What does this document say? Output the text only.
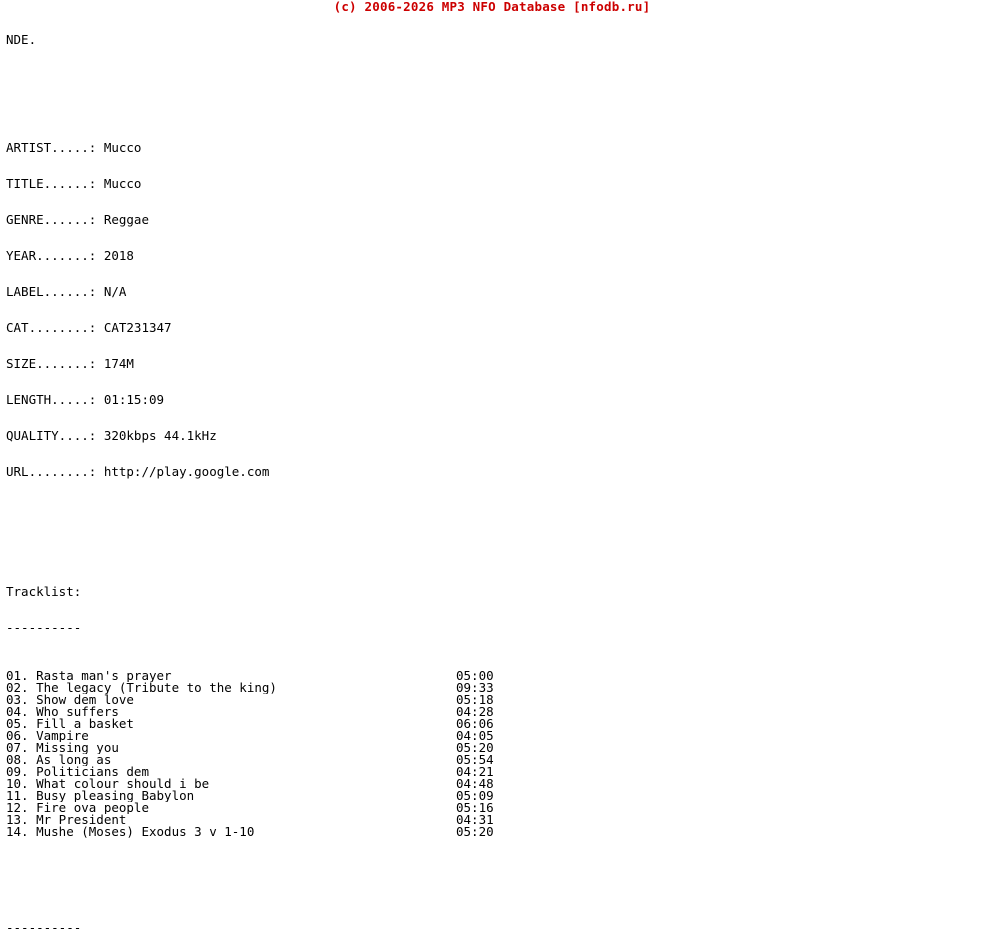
(c) 2006-2026 MP3 NFO Database [nfodb.ru]

NDE.

ARTIST.....: Mucco

TITLE......: Mucco

GENRE......: Reggae

YEAR.......: 2018

LABEL......: N/A

CAT........: CAT231347

SIZE.......: 174M

LENGTH.....: 01:15:09

QUALITY....: 320kbps 44.1kHz

URL........: http://play.google.com

Tracklist:

----------

01. Rasta man's prayer	05:00
02. The legacy (Tribute to the king)	09:33
03. Show dem love	05:18
04. Who suffers	04:28
05. Fill a basket	06:06
06. Vampire	04:05
07. Missing you	05:20
08. As long as	05:54
09. Politicians dem	04:21
10. What colour should i be	04:48
11. Busy pleasing Babylon	05:09
12. Fire ova people	05:16
13. Mr President	04:31
14. Mushe (Moses) Exodus 3 v 1-10	05:20

----------
